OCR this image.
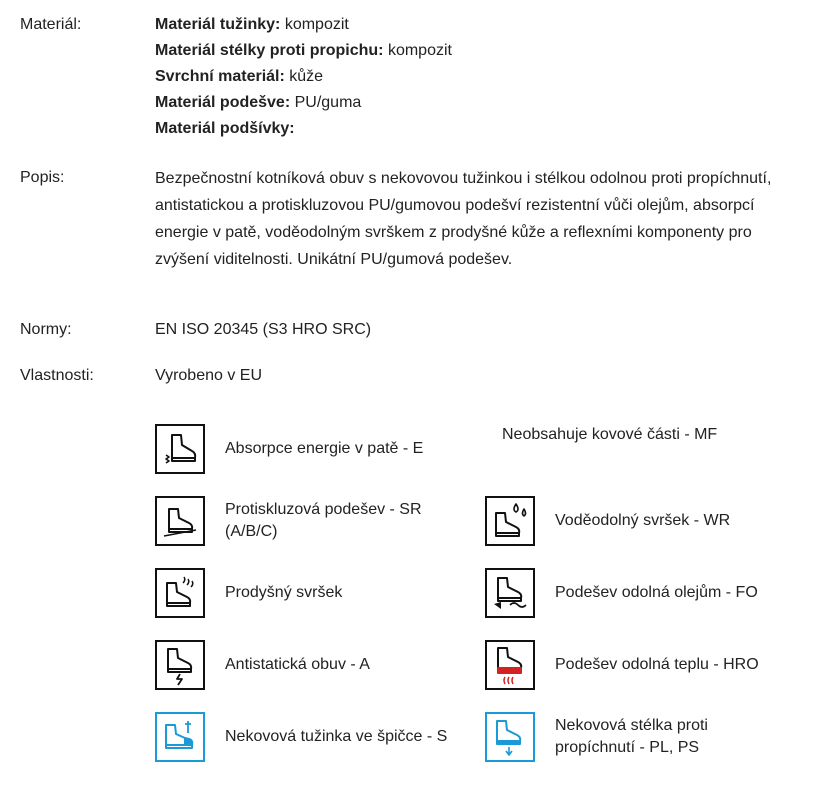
Materiál:	Materiál tužinky: kompozit
Materiál stélky proti propichu: kompozit
Svrchní materiál: kůže
Materiál podešve: PU/guma
Materiál podšívky:
Popis:	Bezpečnostní kotníková obuv s nekovovou tužinkou i stélkou odolnou proti propíchnutí, antistatickou a protiskluzovou PU/gumovou podešví rezistentní vůči olejům, absorpcí energie v patě, voděodolným svrškem z prodyšné kůže a reflexními komponenty pro zvýšení viditelnosti. Unikátní PU/gumová podešev.
Normy:	EN ISO 20345 (S3 HRO SRC)
Vlastnosti:	Vyrobeno v EU
Absorpce energie v patě - E
Neobsahuje kovové části - MF
Protiskluzová podešev - SR (A/B/C)
Voděodolný svršek - WR
Prodyšný svršek	Podešev odolná olejům - FO
Antistatická obuv - A	Podešev odolná teplu - HRO
Nekovová tužinka ve špičce - S
Nekovová stélka proti propíchnutí - PL, PS
